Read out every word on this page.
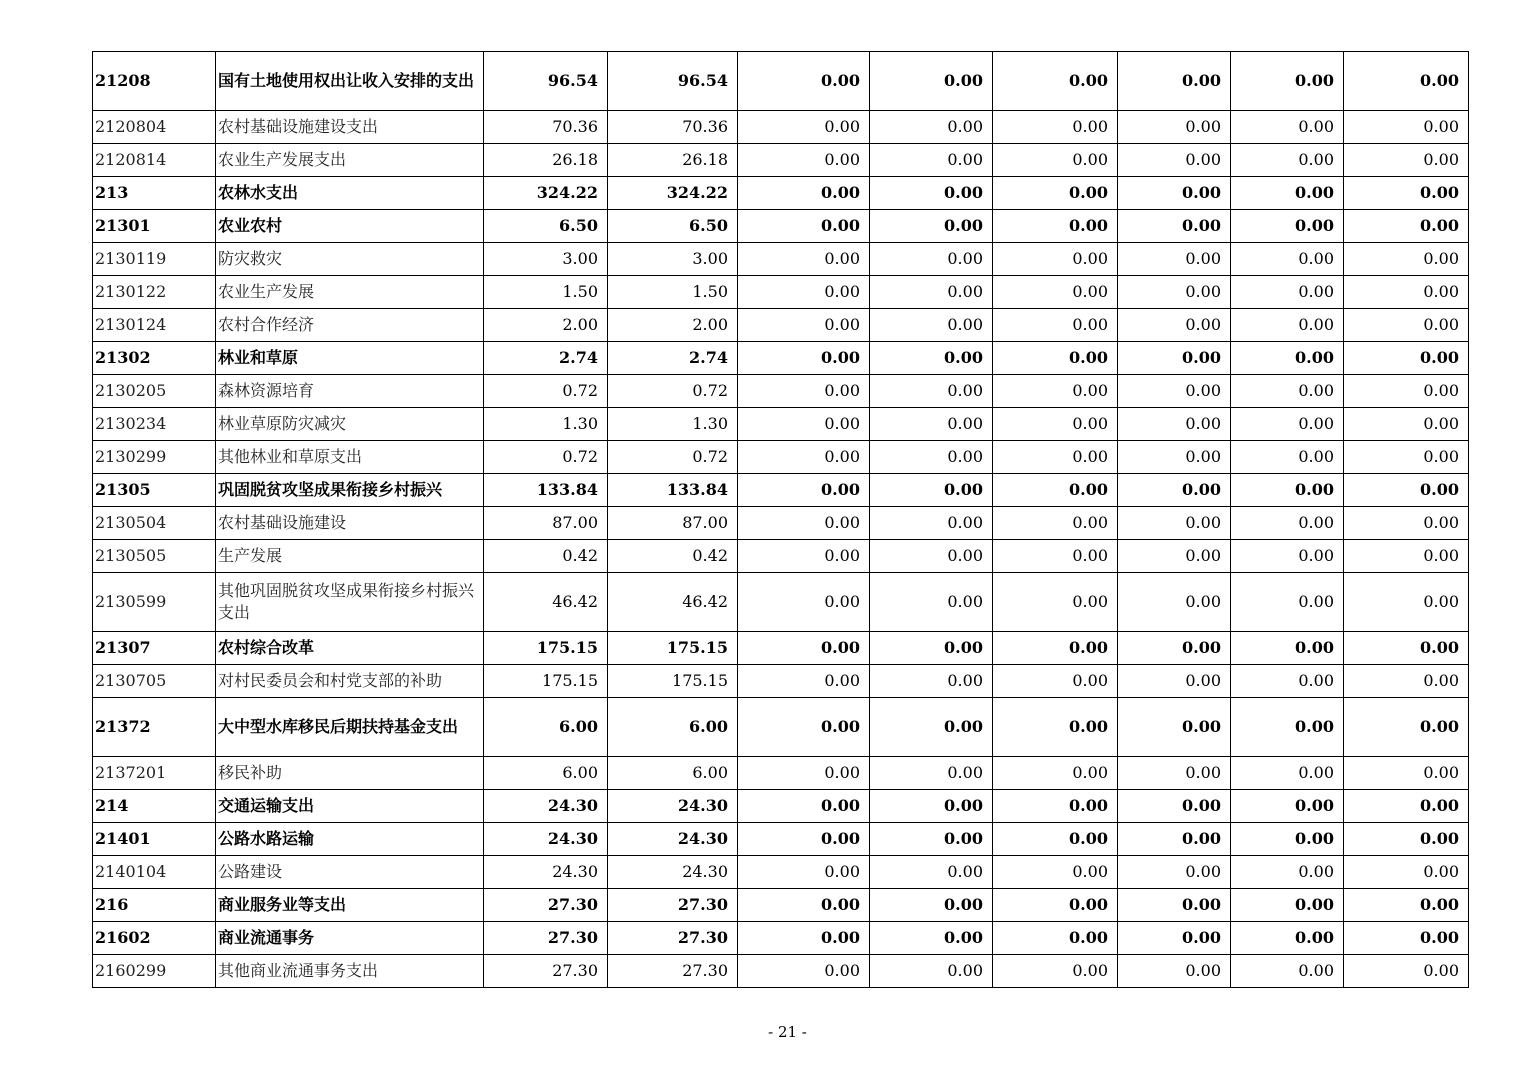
21208	国有土地使用权出让收入安排的支出	96.54	96.54	0.00	0.00	0.00	0.00	0.00	0.00
2120804	农村基础设施建设支出	70.36	70.36	0.00	0.00	0.00	0.00	0.00	0.00
2120814	农业生产发展支出	26.18	26.18	0.00	0.00	0.00	0.00	0.00	0.00
213	农林水支出	324.22	324.22	0.00	0.00	0.00	0.00	0.00	0.00
21301	农业农村	6.50	6.50	0.00	0.00	0.00	0.00	0.00	0.00
2130119	防灾救灾	3.00	3.00	0.00	0.00	0.00	0.00	0.00	0.00
2130122	农业生产发展	1.50	1.50	0.00	0.00	0.00	0.00	0.00	0.00
2130124	农村合作经济	2.00	2.00	0.00	0.00	0.00	0.00	0.00	0.00
21302	林业和草原	2.74	2.74	0.00	0.00	0.00	0.00	0.00	0.00
2130205	森林资源培育	0.72	0.72	0.00	0.00	0.00	0.00	0.00	0.00
2130234	林业草原防灾减灾	1.30	1.30	0.00	0.00	0.00	0.00	0.00	0.00
2130299	其他林业和草原支出	0.72	0.72	0.00	0.00	0.00	0.00	0.00	0.00
21305	巩固脱贫攻坚成果衔接乡村振兴	133.84	133.84	0.00	0.00	0.00	0.00	0.00	0.00
2130504	农村基础设施建设	87.00	87.00	0.00	0.00	0.00	0.00	0.00	0.00
2130505	生产发展	0.42	0.42	0.00	0.00	0.00	0.00	0.00	0.00
2130599	其他巩固脱贫攻坚成果衔接乡村振兴支出	46.42	46.42	0.00	0.00	0.00	0.00	0.00	0.00
21307	农村综合改革	175.15	175.15	0.00	0.00	0.00	0.00	0.00	0.00
2130705	对村民委员会和村党支部的补助	175.15	175.15	0.00	0.00	0.00	0.00	0.00	0.00
21372	大中型水库移民后期扶持基金支出	6.00	6.00	0.00	0.00	0.00	0.00	0.00	0.00
2137201	移民补助	6.00	6.00	0.00	0.00	0.00	0.00	0.00	0.00
214	交通运输支出	24.30	24.30	0.00	0.00	0.00	0.00	0.00	0.00
21401	公路水路运输	24.30	24.30	0.00	0.00	0.00	0.00	0.00	0.00
2140104	公路建设	24.30	24.30	0.00	0.00	0.00	0.00	0.00	0.00
216	商业服务业等支出	27.30	27.30	0.00	0.00	0.00	0.00	0.00	0.00
21602	商业流通事务	27.30	27.30	0.00	0.00	0.00	0.00	0.00	0.00
2160299	其他商业流通事务支出	27.30	27.30	0.00	0.00	0.00	0.00	0.00	0.00
- 21 -
